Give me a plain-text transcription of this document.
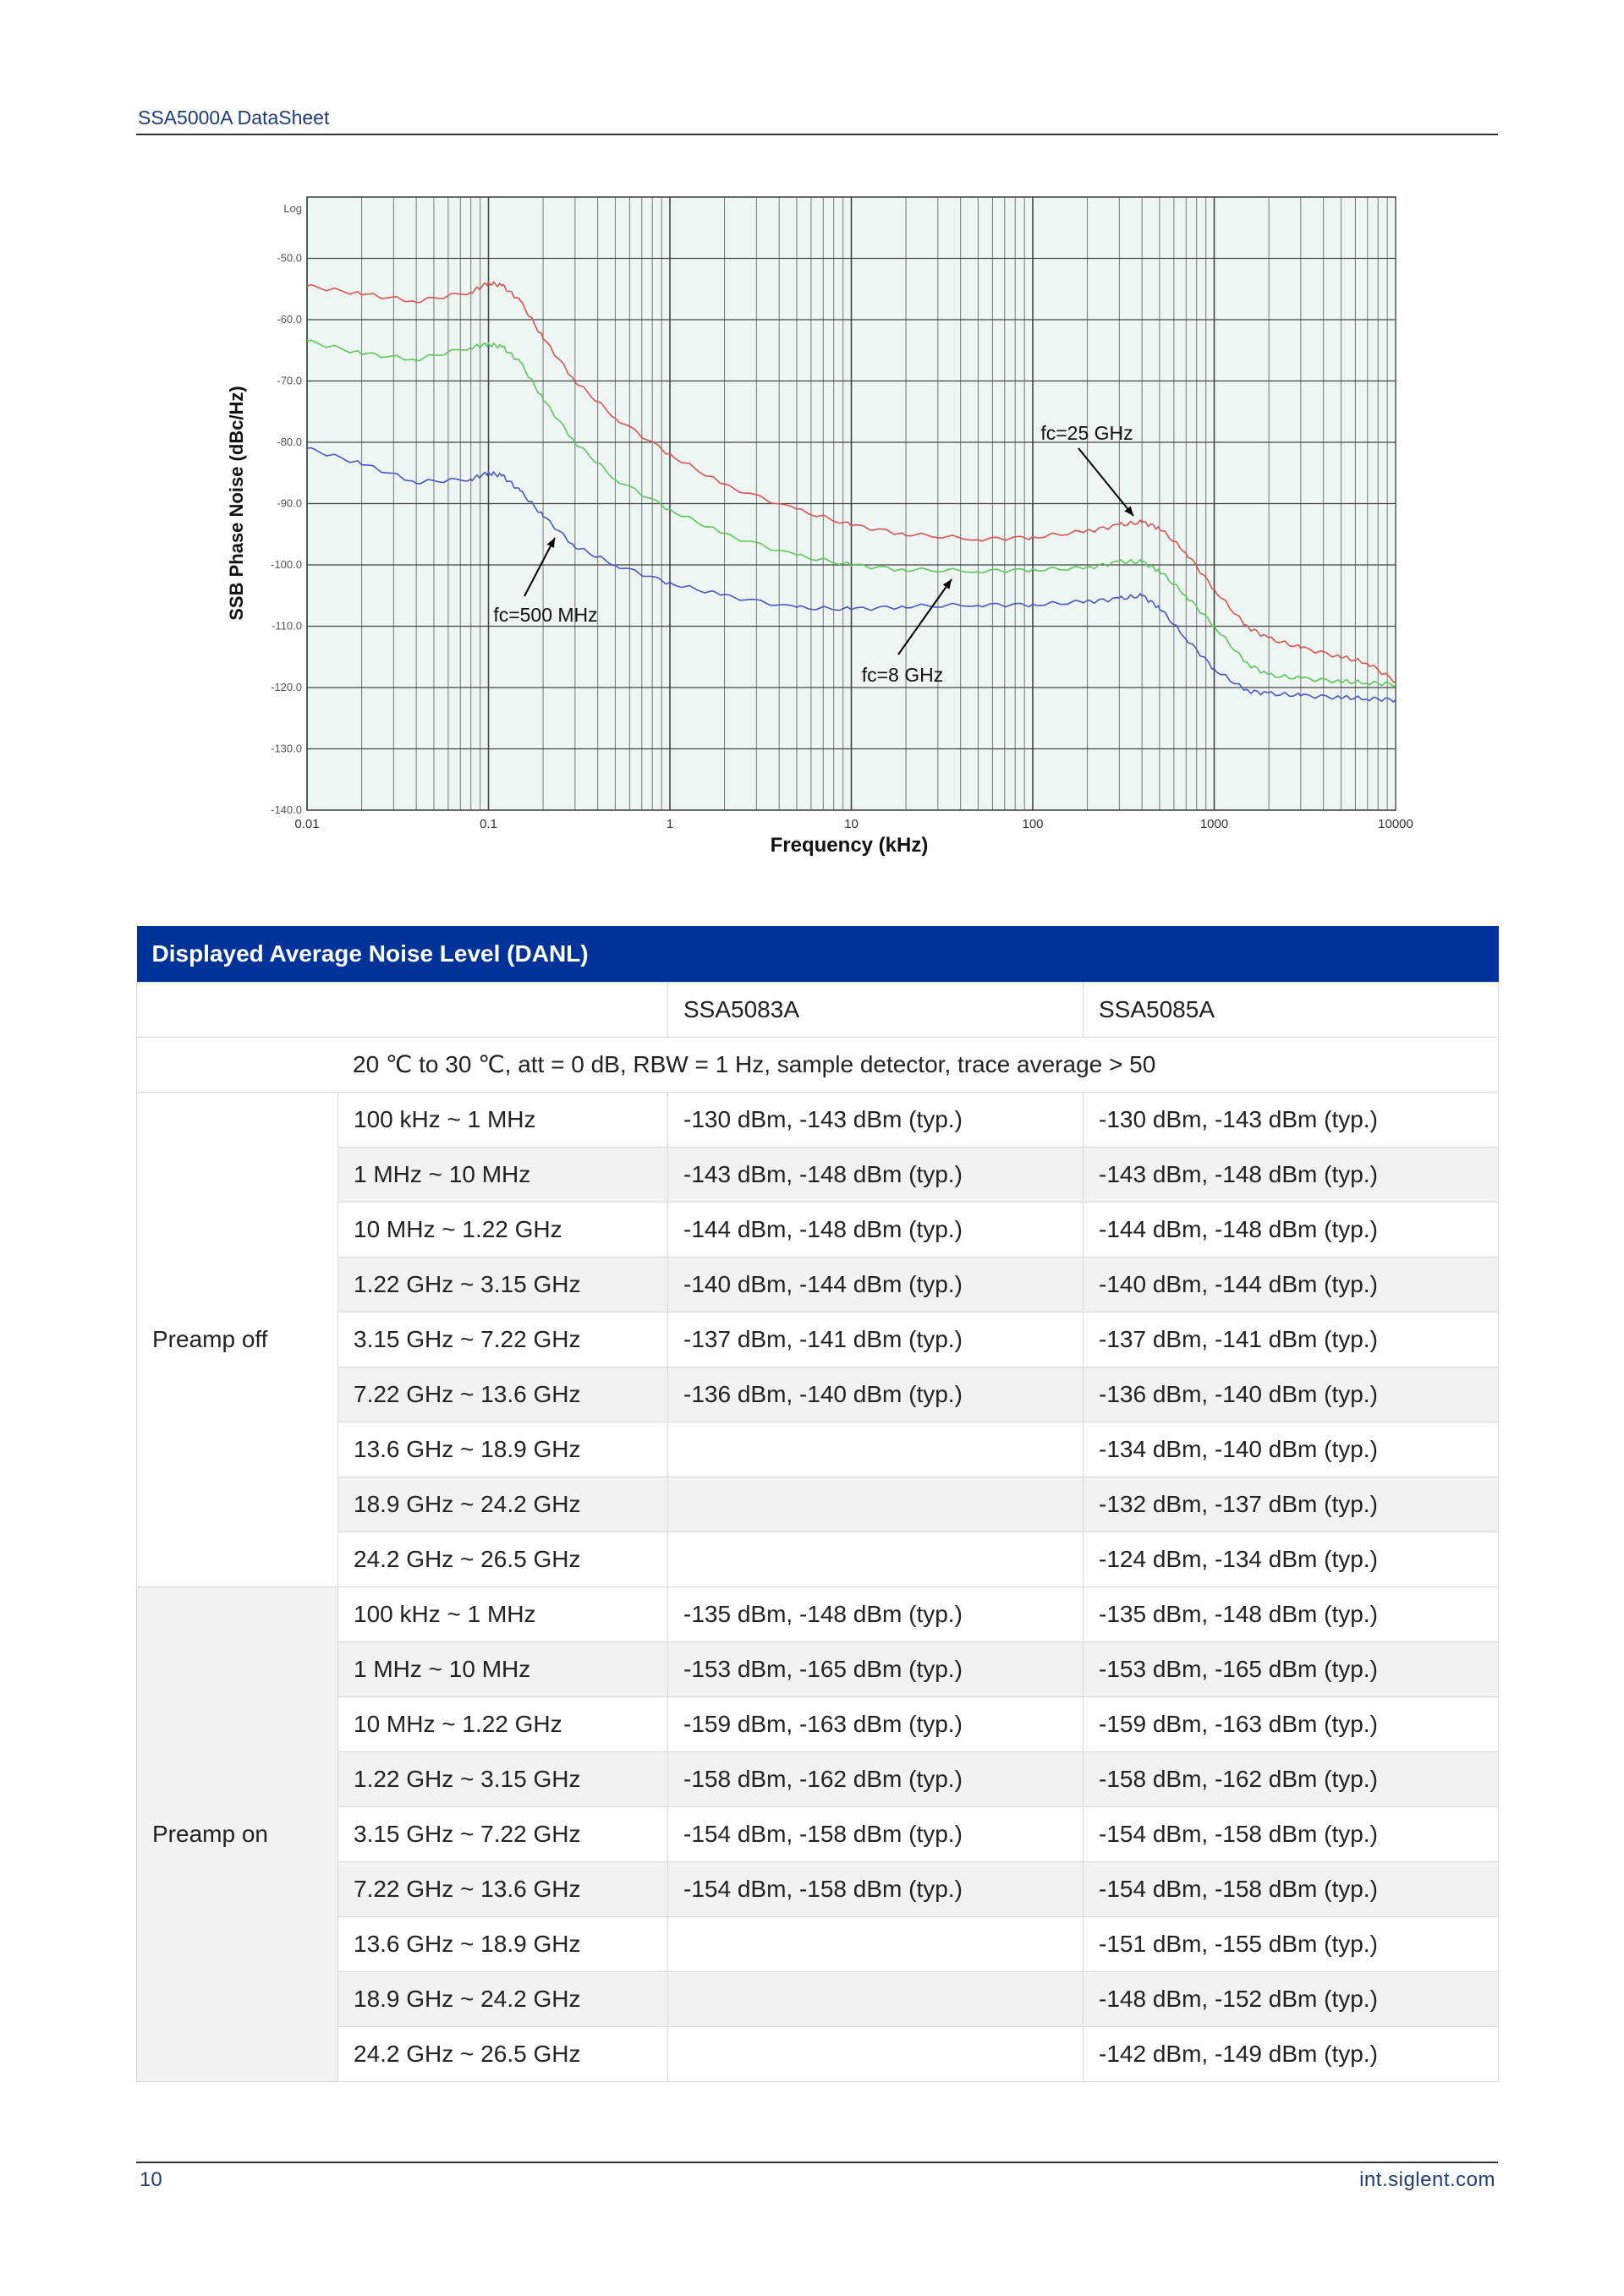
SSA5000A DataSheet
fc=25 GHz
fc=500 MHz
fc=8 GHz
Log
-50.0
-60.0
-70.0
-80.0
-90.0
-100.0
-110.0
-120.0
-130.0
-140.0
0.01	0.1	1	10	100	1000	10000
Frequency (kHz)
SSB Phase Noise (dBc/Hz)
Displayed Average Noise Level (DANL)			
		SSA5083A	SSA5085A
20 ℃ to 30 ℃, att = 0 dB, RBW = 1 Hz, sample detector, trace average > 50			
Preamp off	100 kHz ~ 1 MHz	-130 dBm, -143 dBm (typ.)	-130 dBm, -143 dBm (typ.)
	1 MHz ~ 10 MHz	-143 dBm, -148 dBm (typ.)	-143 dBm, -148 dBm (typ.)
	10 MHz ~ 1.22 GHz	-144 dBm, -148 dBm (typ.)	-144 dBm, -148 dBm (typ.)
	1.22 GHz ~ 3.15 GHz	-140 dBm, -144 dBm (typ.)	-140 dBm, -144 dBm (typ.)
	3.15 GHz ~ 7.22 GHz	-137 dBm, -141 dBm (typ.)	-137 dBm, -141 dBm (typ.)
	7.22 GHz ~ 13.6 GHz	-136 dBm, -140 dBm (typ.)	-136 dBm, -140 dBm (typ.)
	13.6 GHz ~ 18.9 GHz		-134 dBm, -140 dBm (typ.)
	18.9 GHz ~ 24.2 GHz		-132 dBm, -137 dBm (typ.)
	24.2 GHz ~ 26.5 GHz		-124 dBm, -134 dBm (typ.)
Preamp on	100 kHz ~ 1 MHz	-135 dBm, -148 dBm (typ.)	-135 dBm, -148 dBm (typ.)
	1 MHz ~ 10 MHz	-153 dBm, -165 dBm (typ.)	-153 dBm, -165 dBm (typ.)
	10 MHz ~ 1.22 GHz	-159 dBm, -163 dBm (typ.)	-159 dBm, -163 dBm (typ.)
	1.22 GHz ~ 3.15 GHz	-158 dBm, -162 dBm (typ.)	-158 dBm, -162 dBm (typ.)
	3.15 GHz ~ 7.22 GHz	-154 dBm, -158 dBm (typ.)	-154 dBm, -158 dBm (typ.)
	7.22 GHz ~ 13.6 GHz	-154 dBm, -158 dBm (typ.)	-154 dBm, -158 dBm (typ.)
	13.6 GHz ~ 18.9 GHz		-151 dBm, -155 dBm (typ.)
	18.9 GHz ~ 24.2 GHz		-148 dBm, -152 dBm (typ.)
	24.2 GHz ~ 26.5 GHz		-142 dBm, -149 dBm (typ.)
10	int.siglent.com
